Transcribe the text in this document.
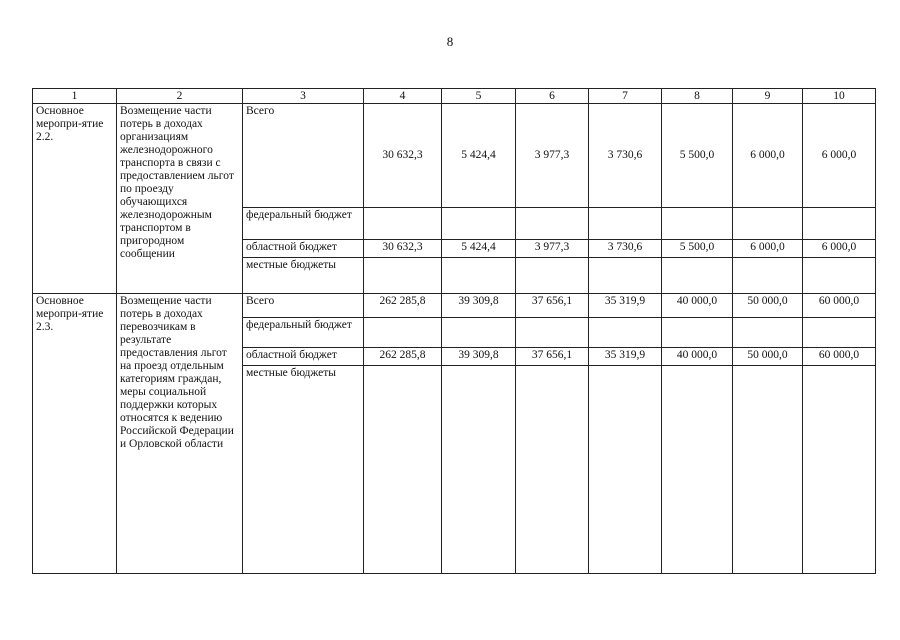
8
1	2	3	4	5	6	7	8	9	10
Основное меропри-ятие 2.2.	Возмещение части потерь в доходах организациям железнодорожного транспорта в связи с предоставлением льгот по проезду обучающихся железнодорожным транспортом в пригородном сообщении	Всего	30 632,3	5 424,4	3 977,3	3 730,6	5 500,0	6 000,0	6 000,0
		федеральный бюджет							
		областной бюджет	30 632,3	5 424,4	3 977,3	3 730,6	5 500,0	6 000,0	6 000,0
		местные бюджеты							
Основное меропри-ятие 2.3.	Возмещение части потерь в доходах перевозчикам в результате предоставления льгот на проезд отдельным категориям граждан, меры социальной поддержки которых относятся к ведению Российской Федерации и Орловской области	Всего	262 285,8	39 309,8	37 656,1	35 319,9	40 000,0	50 000,0	60 000,0
		федеральный бюджет							
		областной бюджет	262 285,8	39 309,8	37 656,1	35 319,9	40 000,0	50 000,0	60 000,0
		местные бюджеты							
